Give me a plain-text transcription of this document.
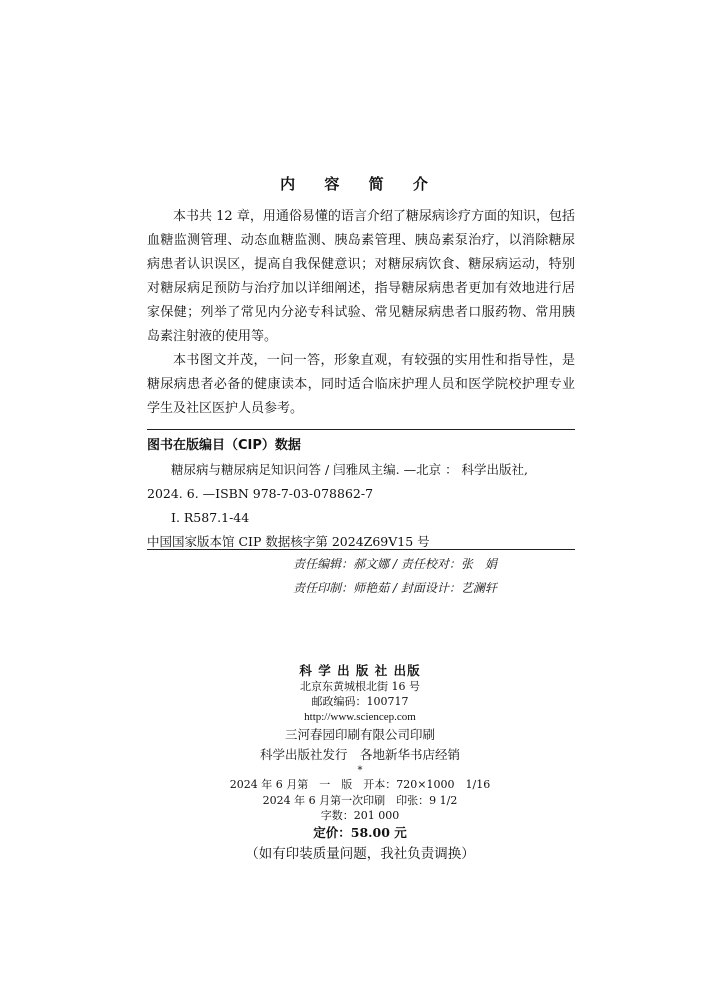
内 容 简 介

本书共 12 章，用通俗易懂的语言介绍了糖尿病诊疗方面的知识，包括血糖监测管理、动态血糖监测、胰岛素管理、胰岛素泵治疗，以消除糖尿病患者认识误区，提高自我保健意识；对糖尿病饮食、糖尿病运动，特别对糖尿病足预防与治疗加以详细阐述，指导糖尿病患者更加有效地进行居家保健；列举了常见内分泌专科试验、常见糖尿病患者口服药物、常用胰岛素注射液的使用等。

本书图文并茂，一问一答，形象直观，有较强的实用性和指导性，是糖尿病患者必备的健康读本，同时适合临床护理人员和医学院校护理专业学生及社区医护人员参考。

图书在版编目（CIP）数据
糖尿病与糖尿病足知识问答 / 闫雅凤主编. —北京 ： 科学出版社,
2024. 6. —ISBN 978-7-03-078862-7
Ⅰ. R587.1-44
中国国家版本馆 CIP 数据核字第 2024Z69V15 号
责任编辑：郝文娜 / 责任校对：张　娟
责任印制：师艳茹 / 封面设计：艺澜轩
科 学 出 版 社 出版
北京东黄城根北街 16 号
邮政编码：100717
http://www.sciencep.com
三河春园印刷有限公司印刷
科学出版社发行　各地新华书店经销
*
2024 年 6 月第　一　版　开本：720×1000　1/16
2024 年 6 月第一次印刷　印张：9 1/2
字数：201 000
定价：58.00 元
（如有印装质量问题，我社负责调换）
